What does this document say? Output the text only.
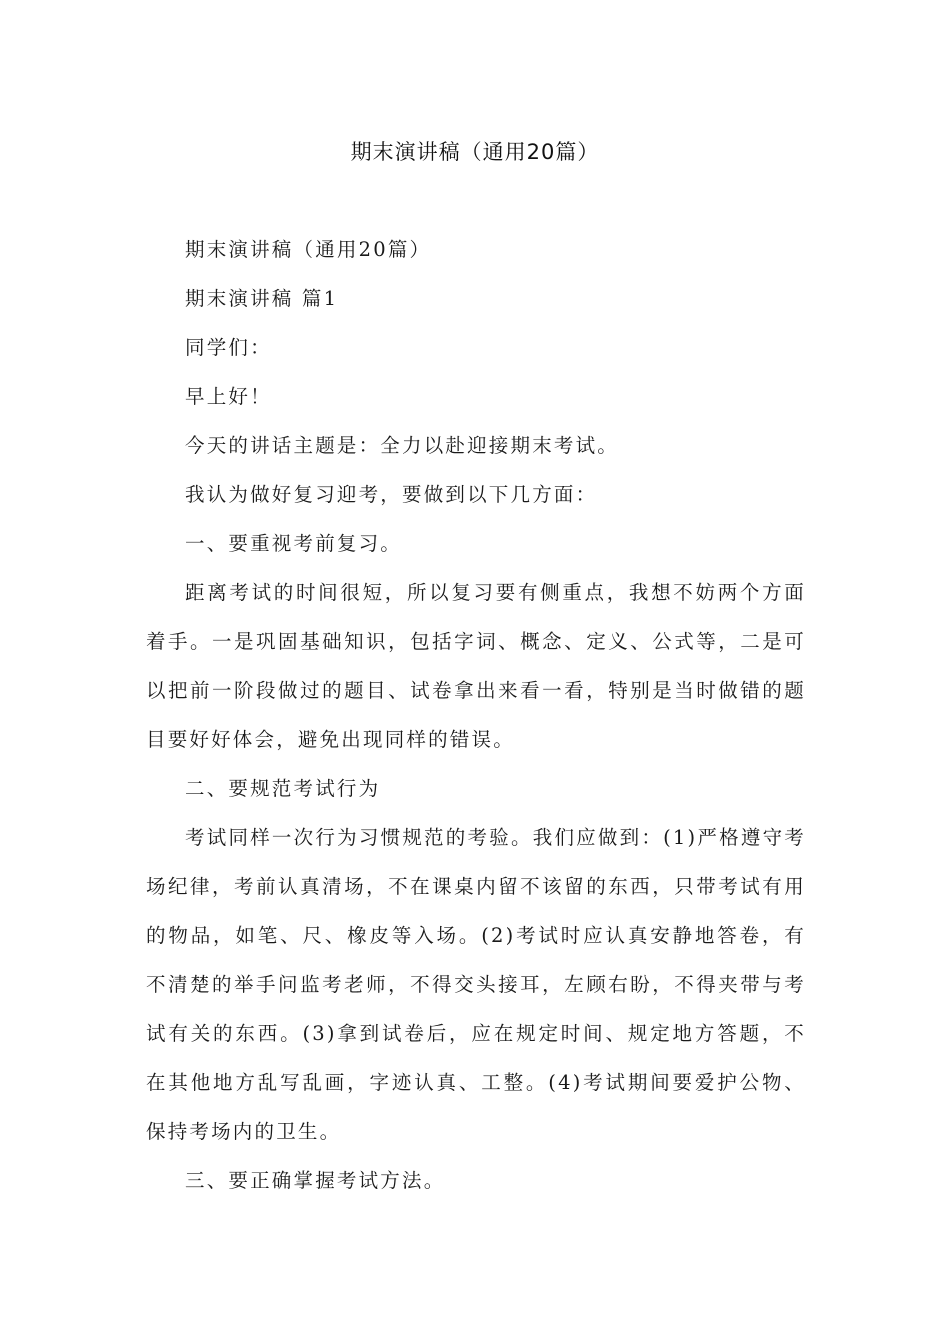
期末演讲稿（通用20篇）

期末演讲稿（通用20篇）

期末演讲稿 篇1

同学们：

早上好！

今天的讲话主题是：全力以赴迎接期末考试。

我认为做好复习迎考，要做到以下几方面：

一、要重视考前复习。

距离考试的时间很短，所以复习要有侧重点，我想不妨两个方面着手。一是巩固基础知识，包括字词、概念、定义、公式等，二是可以把前一阶段做过的题目、试卷拿出来看一看，特别是当时做错的题目要好好体会，避免出现同样的错误。

二、要规范考试行为

考试同样一次行为习惯规范的考验。我们应做到：(1)严格遵守考场纪律，考前认真清场，不在课桌内留不该留的东西，只带考试有用的物品，如笔、尺、橡皮等入场。(2)考试时应认真安静地答卷，有不清楚的举手问监考老师，不得交头接耳，左顾右盼，不得夹带与考试有关的东西。(3)拿到试卷后，应在规定时间、规定地方答题，不在其他地方乱写乱画，字迹认真、工整。(4)考试期间要爱护公物、保持考场内的卫生。

三、要正确掌握考试方法。
